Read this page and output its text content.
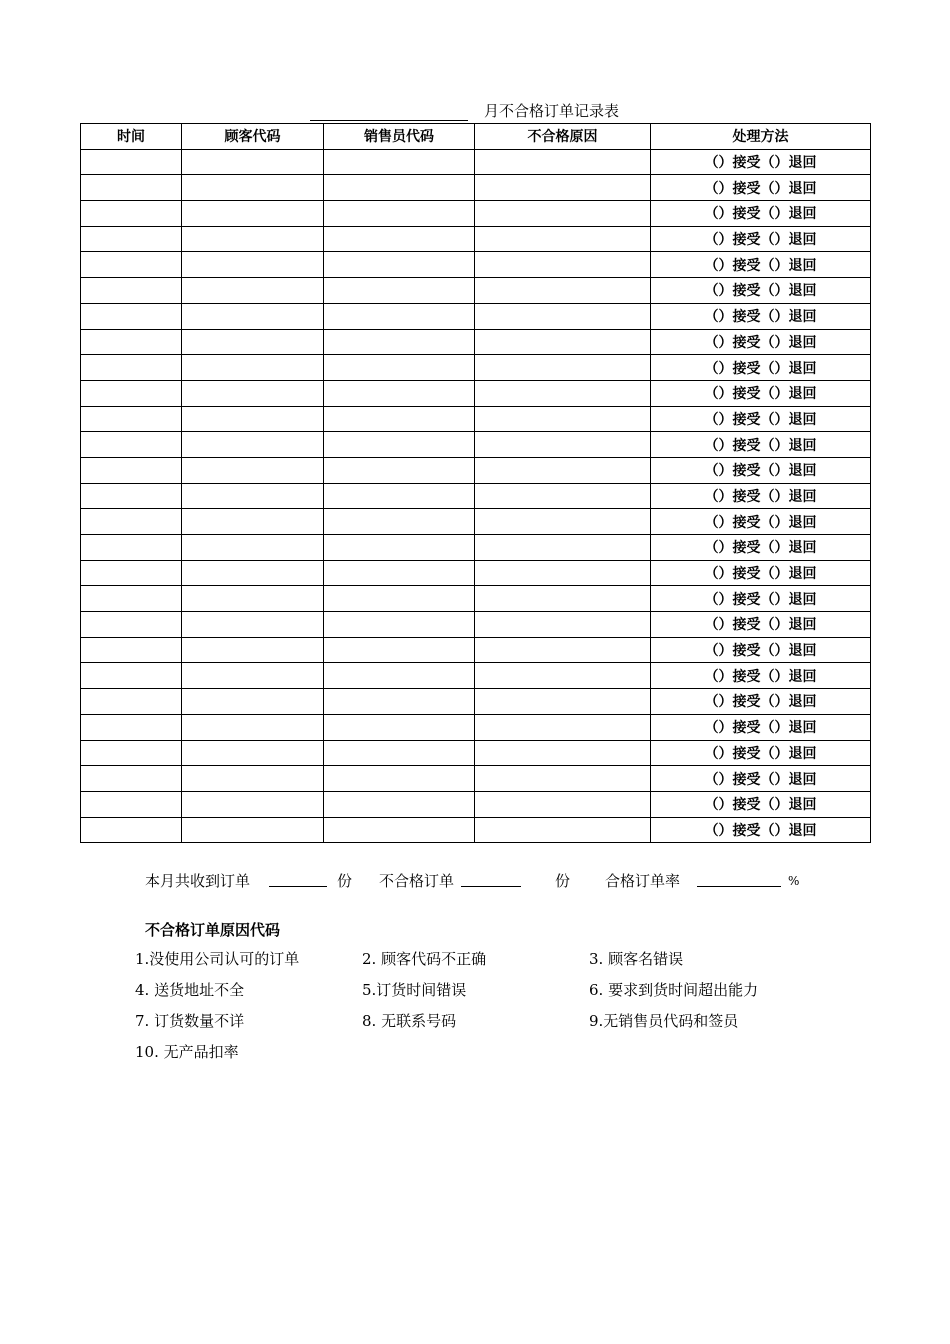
月不合格订单记录表
时间	顾客代码	销售员代码	不合格原因	处理方法
				（）接受（）退回
				（）接受（）退回
				（）接受（）退回
				（）接受（）退回
				（）接受（）退回
				（）接受（）退回
				（）接受（）退回
				（）接受（）退回
				（）接受（）退回
				（）接受（）退回
				（）接受（）退回
				（）接受（）退回
				（）接受（）退回
				（）接受（）退回
				（）接受（）退回
				（）接受（）退回
				（）接受（）退回
				（）接受（）退回
				（）接受（）退回
				（）接受（）退回
				（）接受（）退回
				（）接受（）退回
				（）接受（）退回
				（）接受（）退回
				（）接受（）退回
				（）接受（）退回
				（）接受（）退回
本月共收到订单	份 不合格订单	份 合格订单率	%
不合格订单原因代码
1.没使用公司认可的订单	2. 顾客代码不正确	3. 顾客名错误
4. 送货地址不全	5.订货时间错误	6. 要求到货时间超出能力
7. 订货数量不详	8. 无联系号码	9.无销售员代码和签员
10. 无产品扣率
